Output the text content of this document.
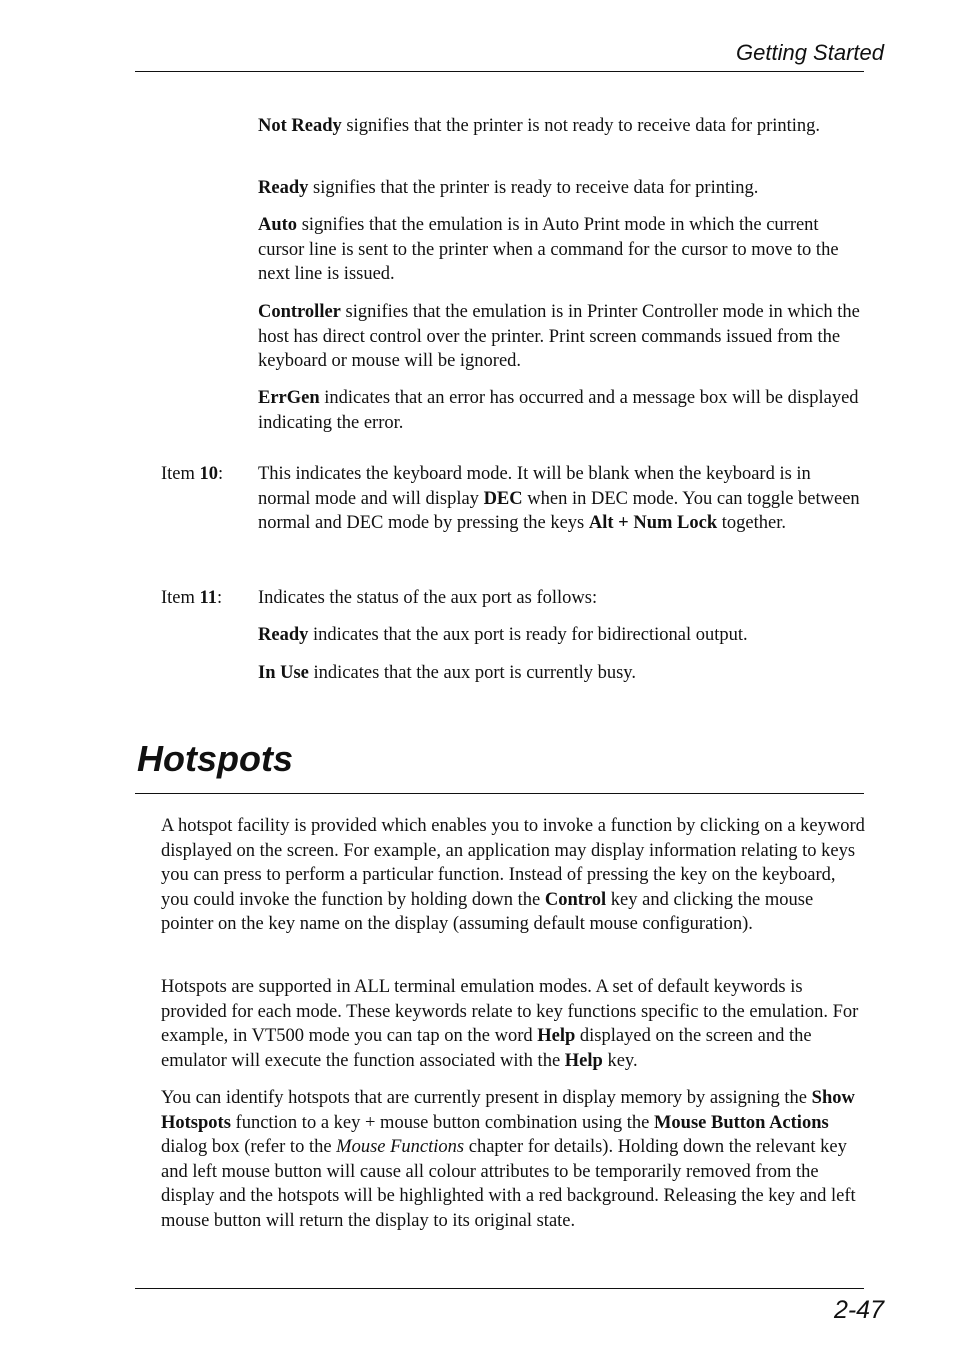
Getting Started

Not Ready signifies that the printer is not ready to receive data for printing.

Ready signifies that the printer is ready to receive data for printing.

Auto signifies that the emulation is in Auto Print mode in which the current cursor line is sent to the printer when a command for the cursor to move to the next line is issued.

Controller signifies that the emulation is in Printer Controller mode in which the host has direct control over the printer. Print screen commands issued from the keyboard or mouse will be ignored.

ErrGen indicates that an error has occurred and a message box will be displayed indicating the error.

Item 10: This indicates the keyboard mode. It will be blank when the keyboard is in normal mode and will display DEC when in DEC mode. You can toggle between normal and DEC mode by pressing the keys Alt + Num Lock together.

Item 11: Indicates the status of the aux port as follows:

Ready indicates that the aux port is ready for bidirectional output.

In Use indicates that the aux port is currently busy.

Hotspots

A hotspot facility is provided which enables you to invoke a function by clicking on a keyword displayed on the screen. For example, an application may display information relating to keys you can press to perform a particular function. Instead of pressing the key on the keyboard, you could invoke the function by holding down the Control key and clicking the mouse pointer on the key name on the display (assuming default mouse configuration).

Hotspots are supported in ALL terminal emulation modes. A set of default keywords is provided for each mode. These keywords relate to key functions specific to the emulation. For example, in VT500 mode you can tap on the word Help displayed on the screen and the emulator will execute the function associated with the Help key.

You can identify hotspots that are currently present in display memory by assigning the Show Hotspots function to a key + mouse button combination using the Mouse Button Actions dialog box (refer to the Mouse Functions chapter for details). Holding down the relevant key and left mouse button will cause all colour attributes to be temporarily removed from the display and the hotspots will be highlighted with a red background. Releasing the key and left mouse button will return the display to its original state.

2-47
